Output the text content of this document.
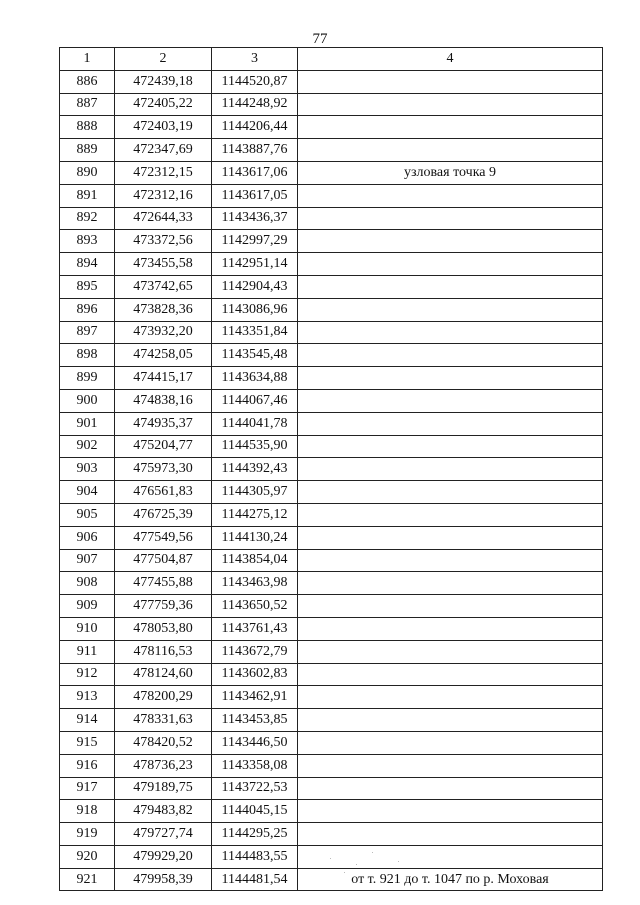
77
1	2	3	4
886	472439,18	1144520,87	
887	472405,22	1144248,92	
888	472403,19	1144206,44	
889	472347,69	1143887,76	
890	472312,15	1143617,06	узловая точка 9
891	472312,16	1143617,05	
892	472644,33	1143436,37	
893	473372,56	1142997,29	
894	473455,58	1142951,14	
895	473742,65	1142904,43	
896	473828,36	1143086,96	
897	473932,20	1143351,84	
898	474258,05	1143545,48	
899	474415,17	1143634,88	
900	474838,16	1144067,46	
901	474935,37	1144041,78	
902	475204,77	1144535,90	
903	475973,30	1144392,43	
904	476561,83	1144305,97	
905	476725,39	1144275,12	
906	477549,56	1144130,24	
907	477504,87	1143854,04	
908	477455,88	1143463,98	
909	477759,36	1143650,52	
910	478053,80	1143761,43	
911	478116,53	1143672,79	
912	478124,60	1143602,83	
913	478200,29	1143462,91	
914	478331,63	1143453,85	
915	478420,52	1143446,50	
916	478736,23	1143358,08	
917	479189,75	1143722,53	
918	479483,82	1144045,15	
919	479727,74	1144295,25	
920	479929,20	1144483,55	
921	479958,39	1144481,54	от т. 921 до т. 1047 по р. Моховая
